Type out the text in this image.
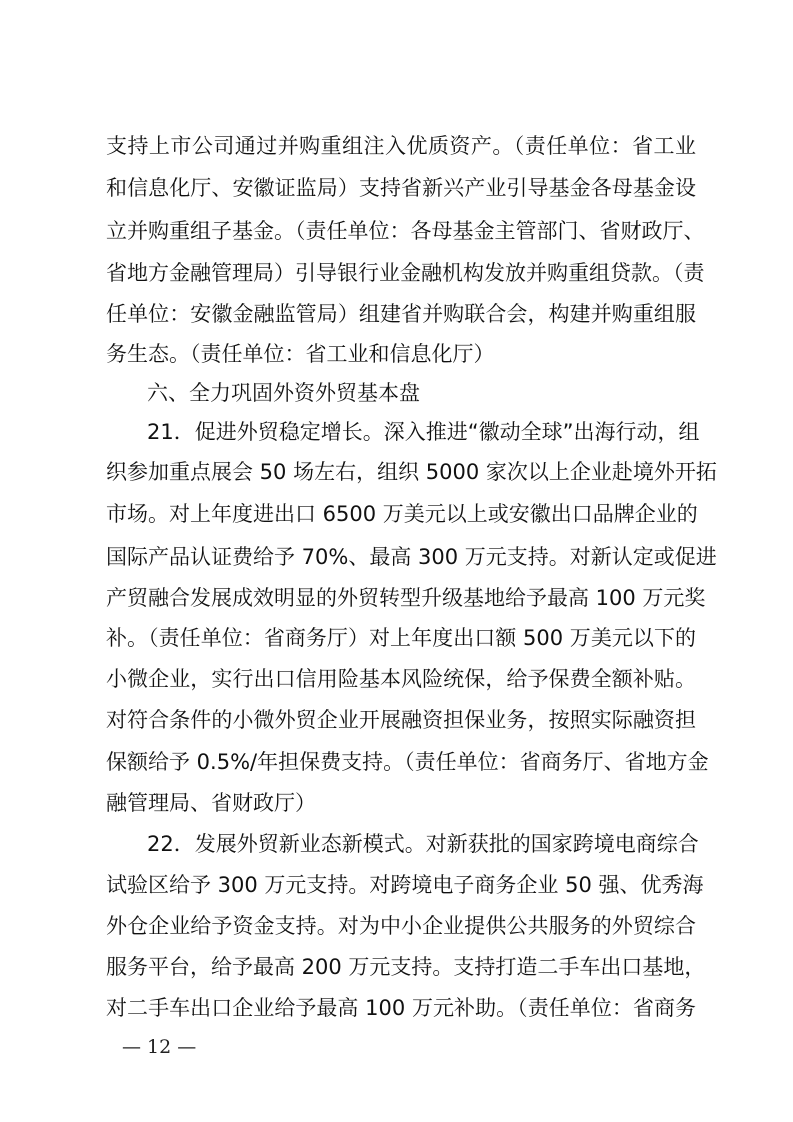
支持上市公司通过并购重组注入优质资产。（责任单位：省工业
和信息化厅、安徽证监局）支持省新兴产业引导基金各母基金设
立并购重组子基金。（责任单位：各母基金主管部门、省财政厅、
省地方金融管理局）引导银行业金融机构发放并购重组贷款。（责
任单位：安徽金融监管局）组建省并购联合会，构建并购重组服
务生态。（责任单位：省工业和信息化厅）
六、全力巩固外资外贸基本盘
21．促进外贸稳定增长。深入推进“徽动全球”出海行动，组
织参加重点展会 50 场左右，组织 5000 家次以上企业赴境外开拓
市场。对上年度进出口 6500 万美元以上或安徽出口品牌企业的
国际产品认证费给予 70%、最高 300 万元支持。对新认定或促进
产贸融合发展成效明显的外贸转型升级基地给予最高 100 万元奖
补。（责任单位：省商务厅）对上年度出口额 500 万美元以下的
小微企业，实行出口信用险基本风险统保，给予保费全额补贴。
对符合条件的小微外贸企业开展融资担保业务，按照实际融资担
保额给予 0.5%/年担保费支持。（责任单位：省商务厅、省地方金
融管理局、省财政厅）
22．发展外贸新业态新模式。对新获批的国家跨境电商综合
试验区给予 300 万元支持。对跨境电子商务企业 50 强、优秀海
外仓企业给予资金支持。对为中小企业提供公共服务的外贸综合
服务平台，给予最高 200 万元支持。支持打造二手车出口基地，
对二手车出口企业给予最高 100 万元补助。（责任单位：省商务
— 12 —
